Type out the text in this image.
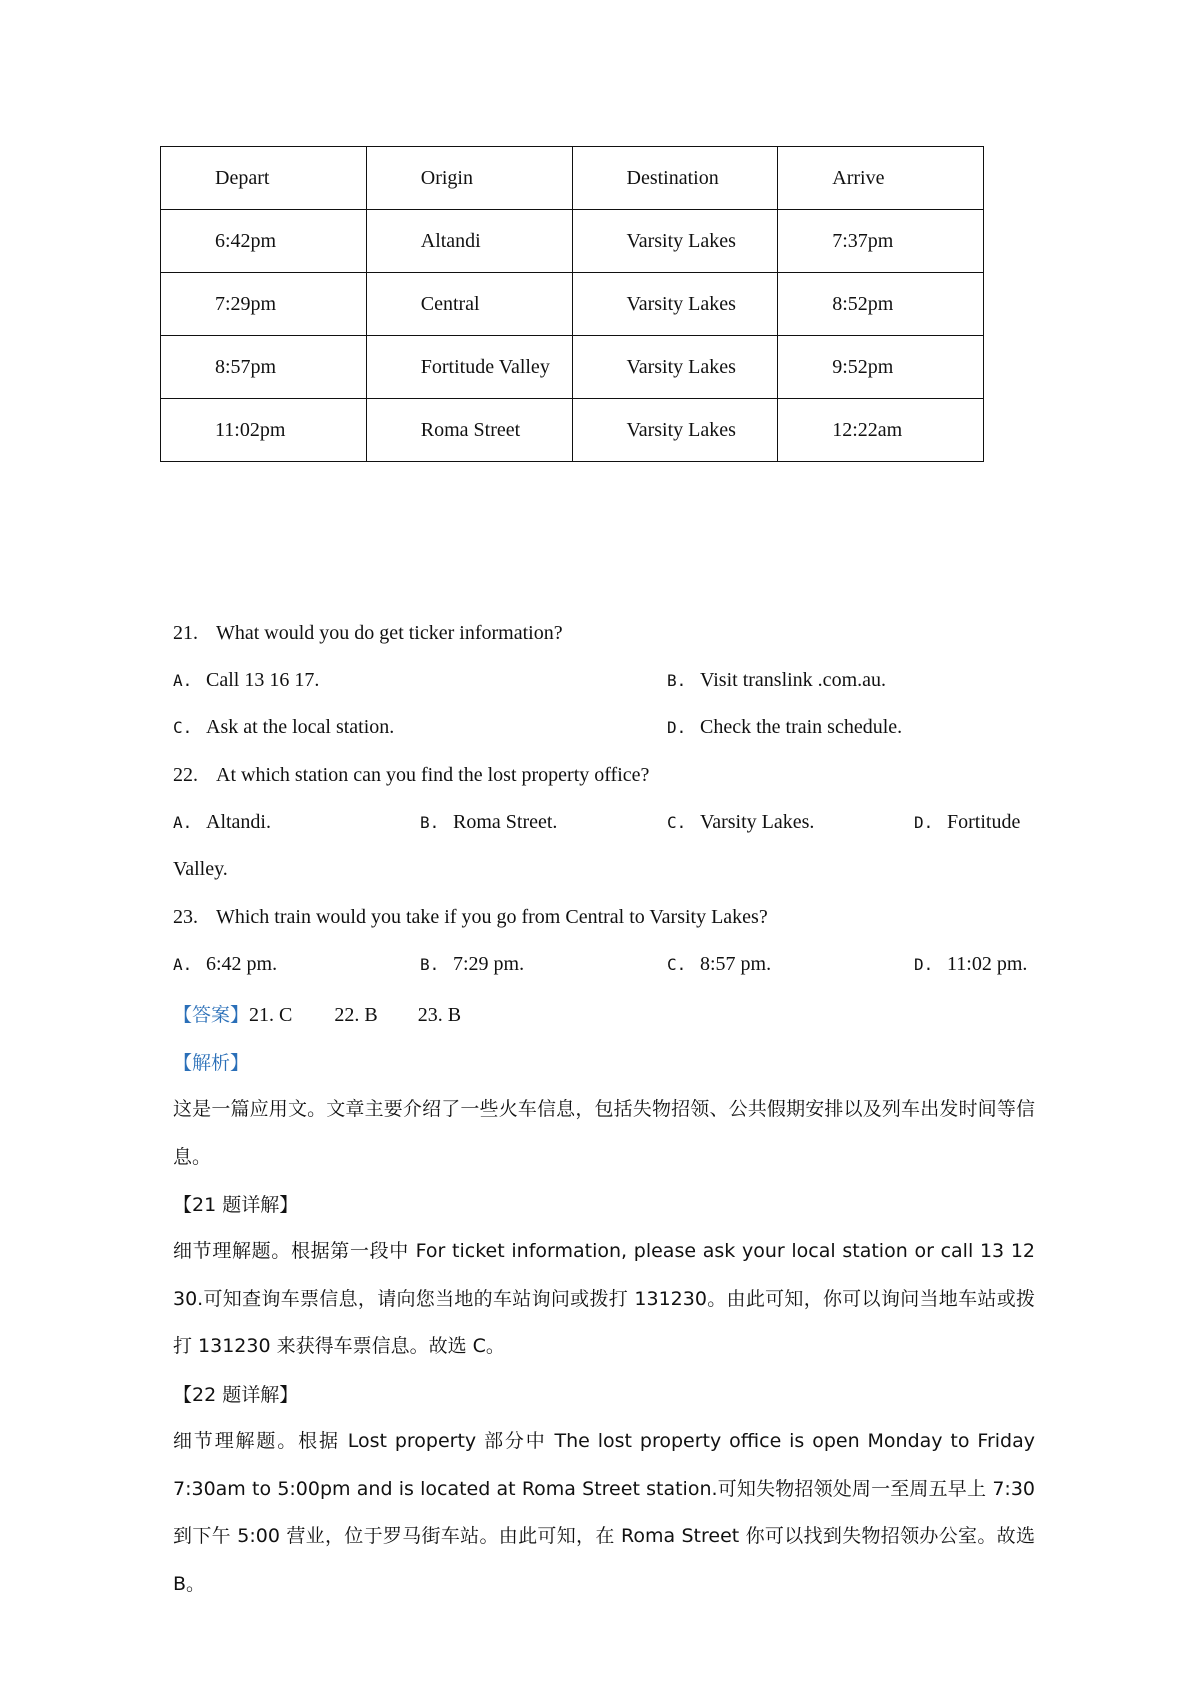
Depart	Origin	Destination	Arrive
6:42pm	Altandi	Varsity Lakes	7:37pm
7:29pm	Central	Varsity Lakes	8:52pm
8:57pm	Fortitude Valley	Varsity Lakes	9:52pm
11:02pm	Roma Street	Varsity Lakes	12:22am
21. What would you do get ticker information?
A. Call 13 16 17.	B. Visit translink .com.au.
C. Ask at the local station.	D. Check the train schedule.
22. At which station can you find the lost property office?
A. Altandi.	B. Roma Street.	C. Varsity Lakes.	D. Fortitude
Valley.
23. Which train would you take if you go from Central to Varsity Lakes?
A. 6:42 pm.	B. 7:29 pm.	C. 8:57 pm.	D. 11:02 pm.
【答案】21. C 22. B 23. B
【解析】
这是一篇应用文。文章主要介绍了一些火车信息，包括失物招领、公共假期安排以及列车出发时间等信息。
【21 题详解】
细节理解题。根据第一段中 For ticket information, please ask your local station or call 13 12 30.可知查询车票信息，请向您当地的车站询问或拨打 131230。由此可知，你可以询问当地车站或拨打 131230 来获得车票信息。故选 C。
【22 题详解】
细节理解题。根据 Lost property 部分中 The lost property office is open Monday to Friday 7:30am to 5:00pm and is located at Roma Street station.可知失物招领处周一至周五早上 7:30 到下午 5:00 营业，位于罗马街车站。由此可知，在 Roma Street 你可以找到失物招领办公室。故选 B。
